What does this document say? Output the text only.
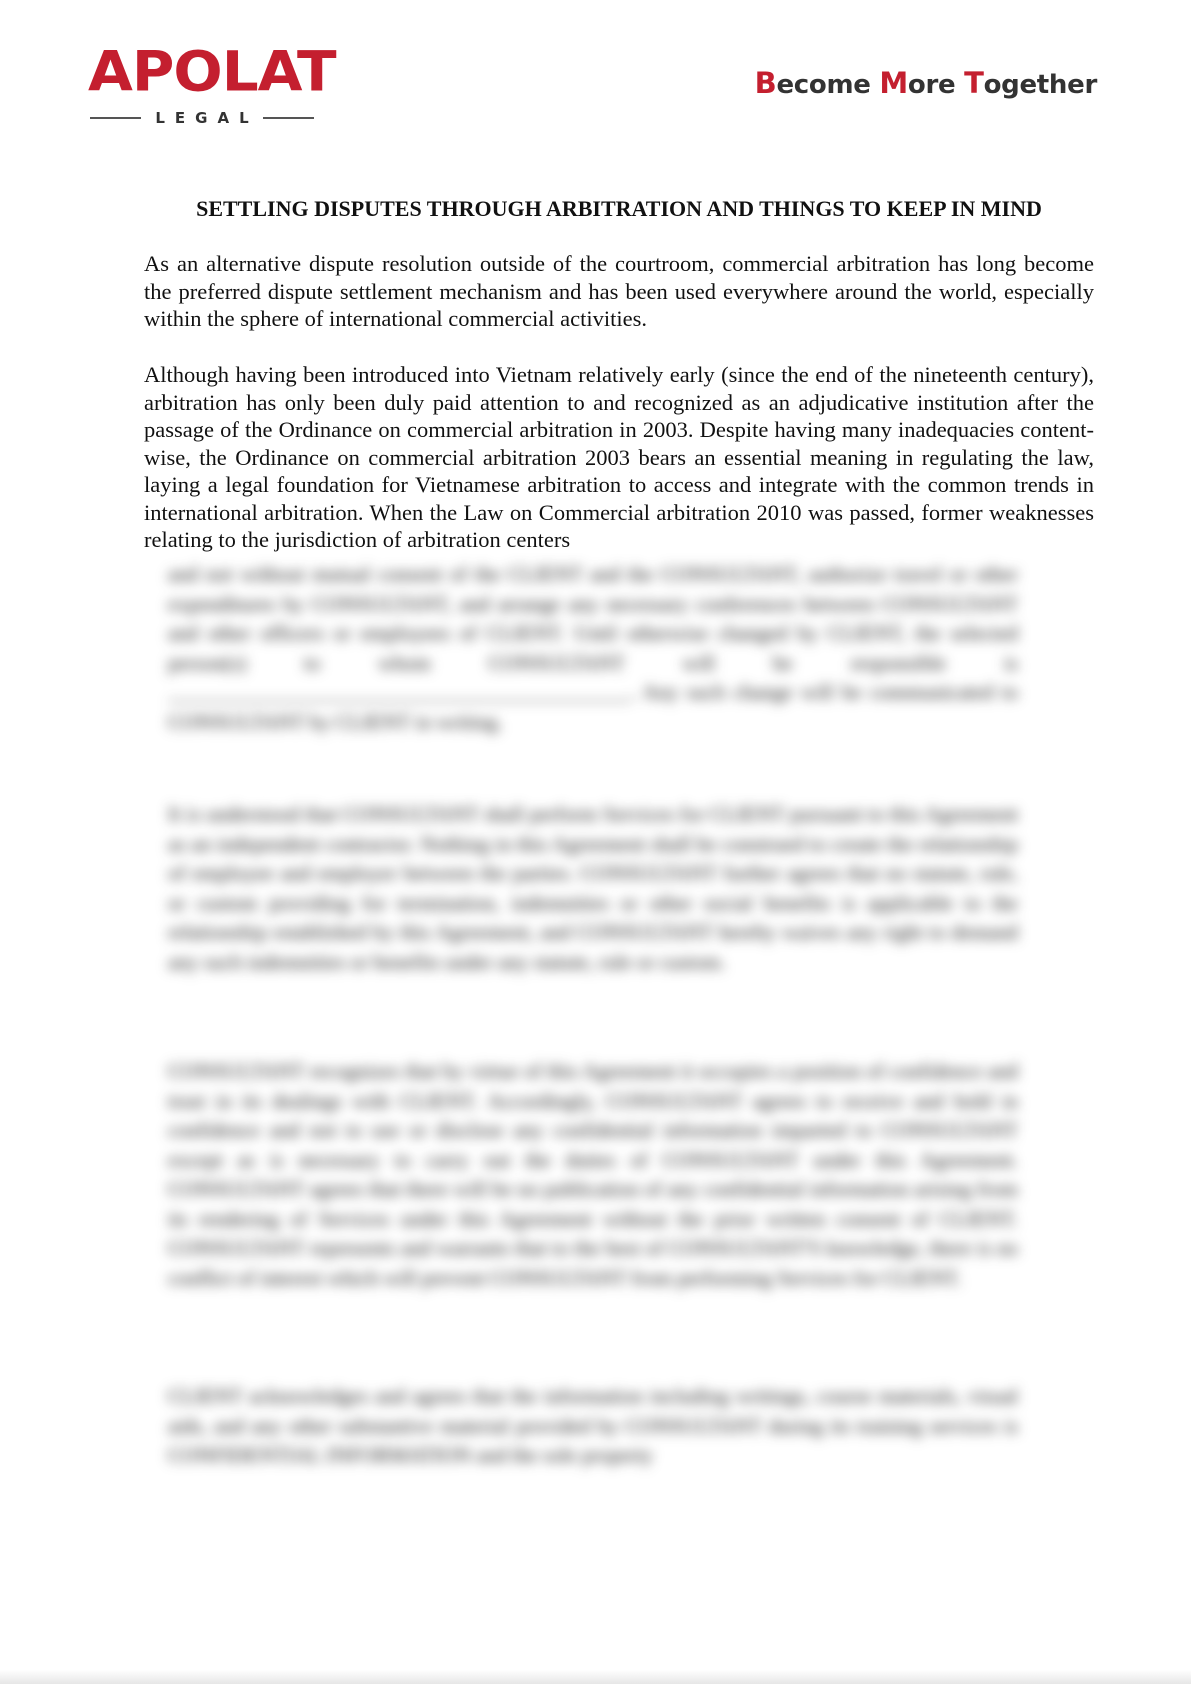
APOLAT
LEGAL
Become More Together
SETTLING DISPUTES THROUGH ARBITRATION AND THINGS TO KEEP IN MIND
As an alternative dispute resolution outside of the courtroom, commercial arbitration has long become the preferred dispute settlement mechanism and has been used everywhere around the world, especially within the sphere of international commercial activities.
Although having been introduced into Vietnam relatively early (since the end of the nineteenth century), arbitration has only been duly paid attention to and recognized as an adjudicative institution after the passage of the Ordinance on commercial arbitration in 2003. Despite having many inadequacies content-wise, the Ordinance on commercial arbitration 2003 bears an essential meaning in regulating the law, laying a legal foundation for Vietnamese arbitration to access and integrate with the common trends in international arbitration. When the Law on Commercial arbitration 2010 was passed, former weaknesses relating to the jurisdiction of arbitration centers
and not without mutual consent of the CLIENT and the CONSULTANT, authorize travel or other expenditures by CONSULTANT, and arrange any necessary conferences between CONSULTANT and other officers or employees of CLIENT. Until otherwise changed by CLIENT, the selected person(s) to whom CONSULTANT will be responsible is ____________________________________________. Any such change will be communicated to CONSULTANT by CLIENT in writing.
It is understood that CONSULTANT shall perform Services for CLIENT pursuant to this Agreement as an independent contractor. Nothing in this Agreement shall be construed to create the relationship of employee and employer between the parties. CONSULTANT further agrees that no statute, rule, or custom providing for termination, indemnities or other social benefits is applicable to the relationship established by this Agreement, and CONSULTANT hereby waives any right to demand any such indemnities or benefits under any statute, rule or custom.
CONSULTANT recognizes that by virtue of this Agreement it occupies a position of confidence and trust in its dealings with CLIENT. Accordingly, CONSULTANT agrees to receive and hold in confidence and not to use or disclose any confidential information imparted to CONSULTANT except as is necessary to carry out the duties of CONSULTANT under this Agreement. CONSULTANT agrees that there will be no publication of any confidential information arising from its rendering of Services under this Agreement without the prior written consent of CLIENT. CONSULTANT represents and warrants that to the best of CONSULTANT'S knowledge, there is no conflict of interest which will prevent CONSULTANT from performing Services for CLIENT.
CLIENT acknowledges and agrees that the information including writings, course materials, visual aids, and any other substantive material provided by CONSULTANT during its training services is CONFIDENTIAL INFORMATION and the sole property
